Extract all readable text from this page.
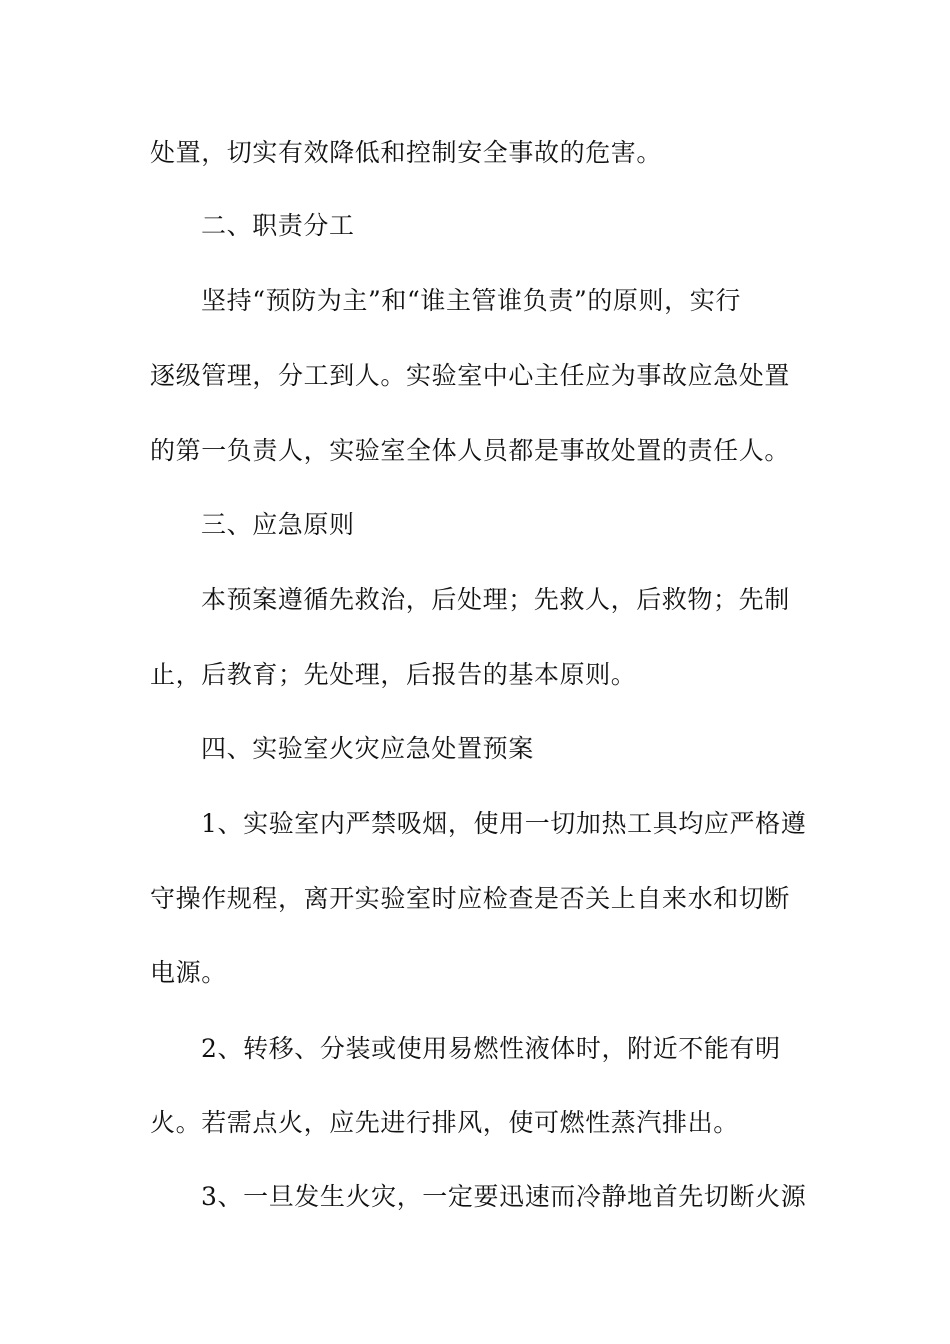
处置，切实有效降低和控制安全事故的危害。
二、职责分工
坚持“预防为主”和“谁主管谁负责”的原则，实行
逐级管理，分工到人。实验室中心主任应为事故应急处置
的第一负责人，实验室全体人员都是事故处置的责任人。
三、应急原则
本预案遵循先救治，后处理；先救人，后救物；先制
止，后教育；先处理，后报告的基本原则。
四、实验室火灾应急处置预案
1、实验室内严禁吸烟，使用一切加热工具均应严格遵
守操作规程，离开实验室时应检查是否关上自来水和切断
电源。
2、转移、分装或使用易燃性液体时，附近不能有明
火。若需点火，应先进行排风，使可燃性蒸汽排出。
3、一旦发生火灾，一定要迅速而冷静地首先切断火源
